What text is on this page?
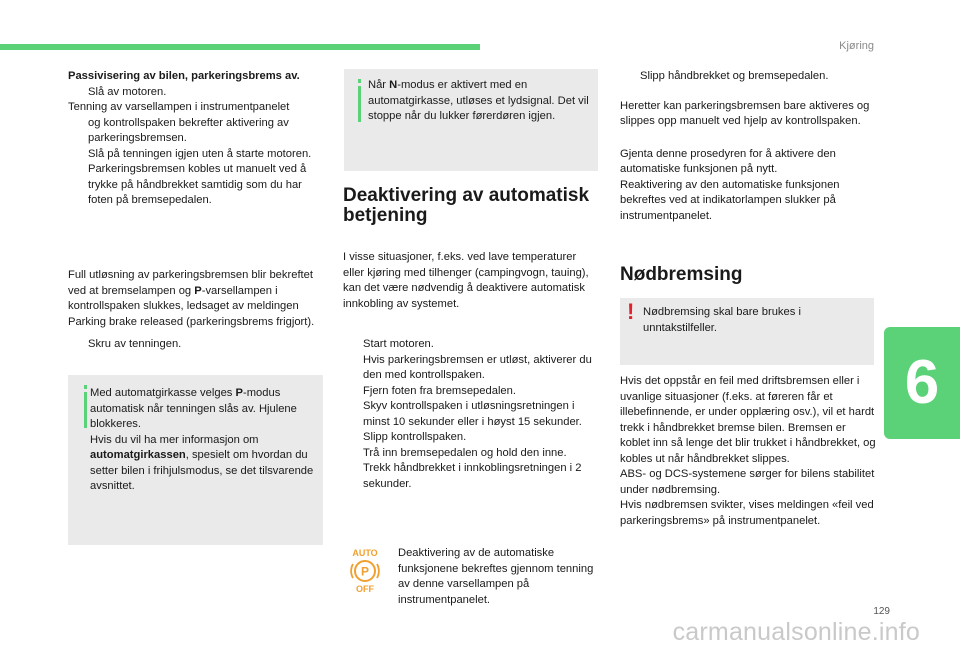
Kjøring
6

Passivisering av bilen, parkeringsbrems av.

Slå av motoren.

Tenning av varsellampen i instrumentpanelet

og kontrollspaken bekrefter aktivering av parkeringsbremsen.

Slå på tenningen igjen uten å starte motoren.
Parkeringsbremsen kobles ut manuelt ved å trykke på håndbrekket samtidig som du har foten på bremsepedalen.

Full utløsning av parkeringsbremsen blir bekreftet ved at bremselampen og P-varsellampen i kontrollspaken slukkes, ledsaget av meldingen Parking brake released (parkeringsbrems frigjort).

Skru av tenningen.

Med automatgirkasse velges P-modus automatisk når tenningen slås av. Hjulene blokkeres.

Hvis du vil ha mer informasjon om automatgirkassen, spesielt om hvordan du setter bilen i frihjulsmodus, se det tilsvarende avsnittet.

Når N-modus er aktivert med en automatgirkasse, utløses et lydsignal. Det vil stoppe når du lukker førerdøren igjen.

Deaktivering av automatisk betjening

I visse situasjoner, f.eks. ved lave temperaturer eller kjøring med tilhenger (campingvogn, tauing), kan det være nødvendig å deaktivere automatisk innkobling av systemet.

Start motoren.
Hvis parkeringsbremsen er utløst, aktiverer du den med kontrollspaken.
Fjern foten fra bremsepedalen.
Skyv kontrollspaken i utløsningsretningen i minst 10 sekunder eller i høyst 15 sekunder.
Slipp kontrollspaken.
Trå inn bremsepedalen og hold den inne.
Trekk håndbrekket i innkoblingsretningen i 2 sekunder.
AUTO
P
OFF

Deaktivering av de automatiske funksjonene bekreftes gjennom tenning av denne varsellampen på instrumentpanelet.

Slipp håndbrekket og bremsepedalen.

Heretter kan parkeringsbremsen bare aktiveres og slippes opp manuelt ved hjelp av kontrollspaken.

Gjenta denne prosedyren for å aktivere den automatiske funksjonen på nytt.

Reaktivering av den automatiske funksjonen bekreftes ved at indikatorlampen slukker på instrumentpanelet.

Nødbremsing
! Nødbremsing skal bare brukes i unntakstilfeller.

Hvis det oppstår en feil med driftsbremsen eller i uvanlige situasjoner (f.eks. at føreren får et illebefinnende, er under opplæring osv.), vil et hardt trekk i håndbrekket bremse bilen. Bremsen er koblet inn så lenge det blir trukket i håndbrekket, og kobles ut når håndbrekket slippes.

ABS- og DCS-systemene sørger for bilens stabilitet under nødbremsing.

Hvis nødbremsen svikter, vises meldingen «feil ved parkeringsbrems» på instrumentpanelet.

129
carmanualsonline.info
